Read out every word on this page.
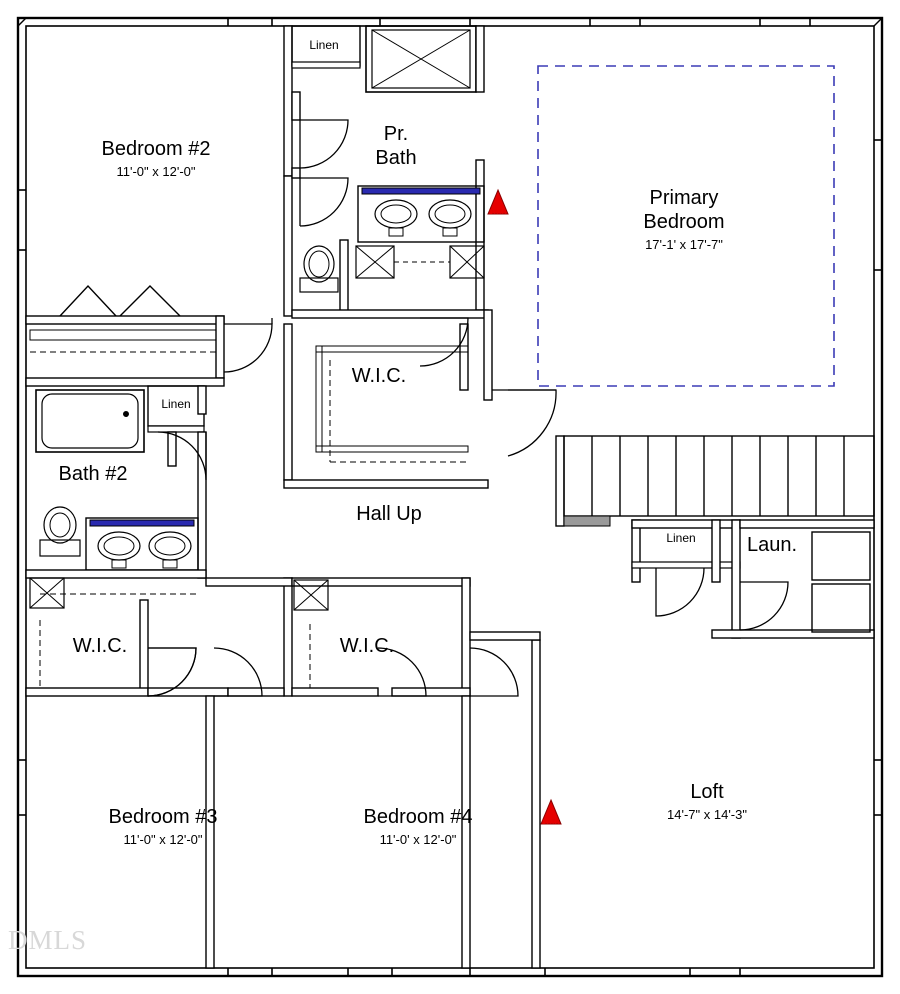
Bedroom #2
11'-0" x 12'-0"
Primary
Bedroom
17'-1' x 17'-7"
Pr.
Bath
Linen
Linen
Linen
Bath #2
W.I.C.
W.I.C.	W.I.C.
Hall Up
Laun.
Loft
14'-7" x 14'-3"
Bedroom #3
11'-0" x 12'-0"
Bedroom #4
11'-0' x 12'-0"
DATA
DATA
DMLS
